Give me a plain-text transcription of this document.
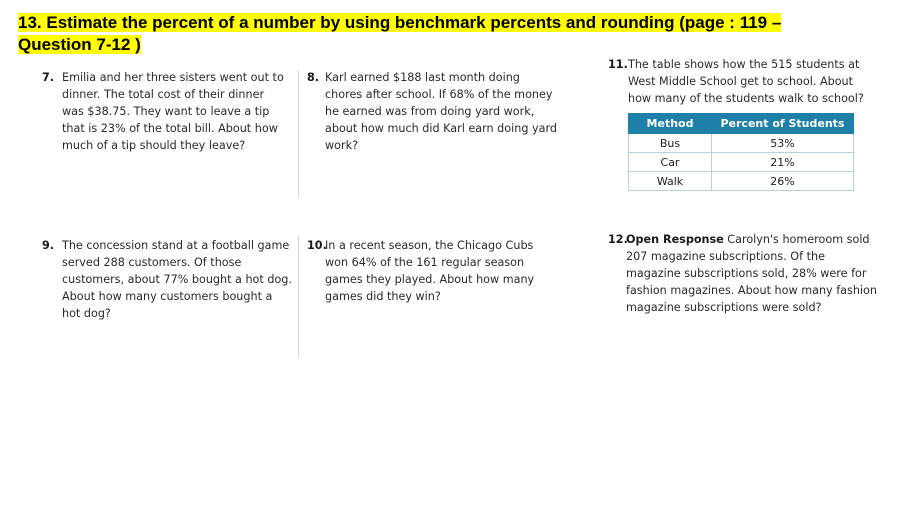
13. Estimate the percent of a number by using benchmark percents and rounding (page : 119 – Question 7-12 )
7. Emilia and her three sisters went out to dinner. The total cost of their dinner was $38.75. They want to leave a tip that is 23% of the total bill. About how much of a tip should they leave?
8. Karl earned $188 last month doing chores after school. If 68% of the money he earned was from doing yard work, about how much did Karl earn doing yard work?
11. The table shows how the 515 students at West Middle School get to school. About how many of the students walk to school?
Method	Percent of Students
Bus	53%
Car	21%
Walk	26%
9. The concession stand at a football game served 288 customers. Of those customers, about 77% bought a hot dog. About how many customers bought a hot dog?
10.
In a recent season, the Chicago Cubs won 64% of the 161 regular season games they played. About how many games did they win?
12.
Open Response Carolyn's homeroom sold 207 magazine subscriptions. Of the magazine subscriptions sold, 28% were for fashion magazines. About how many fashion magazine subscriptions were sold?
